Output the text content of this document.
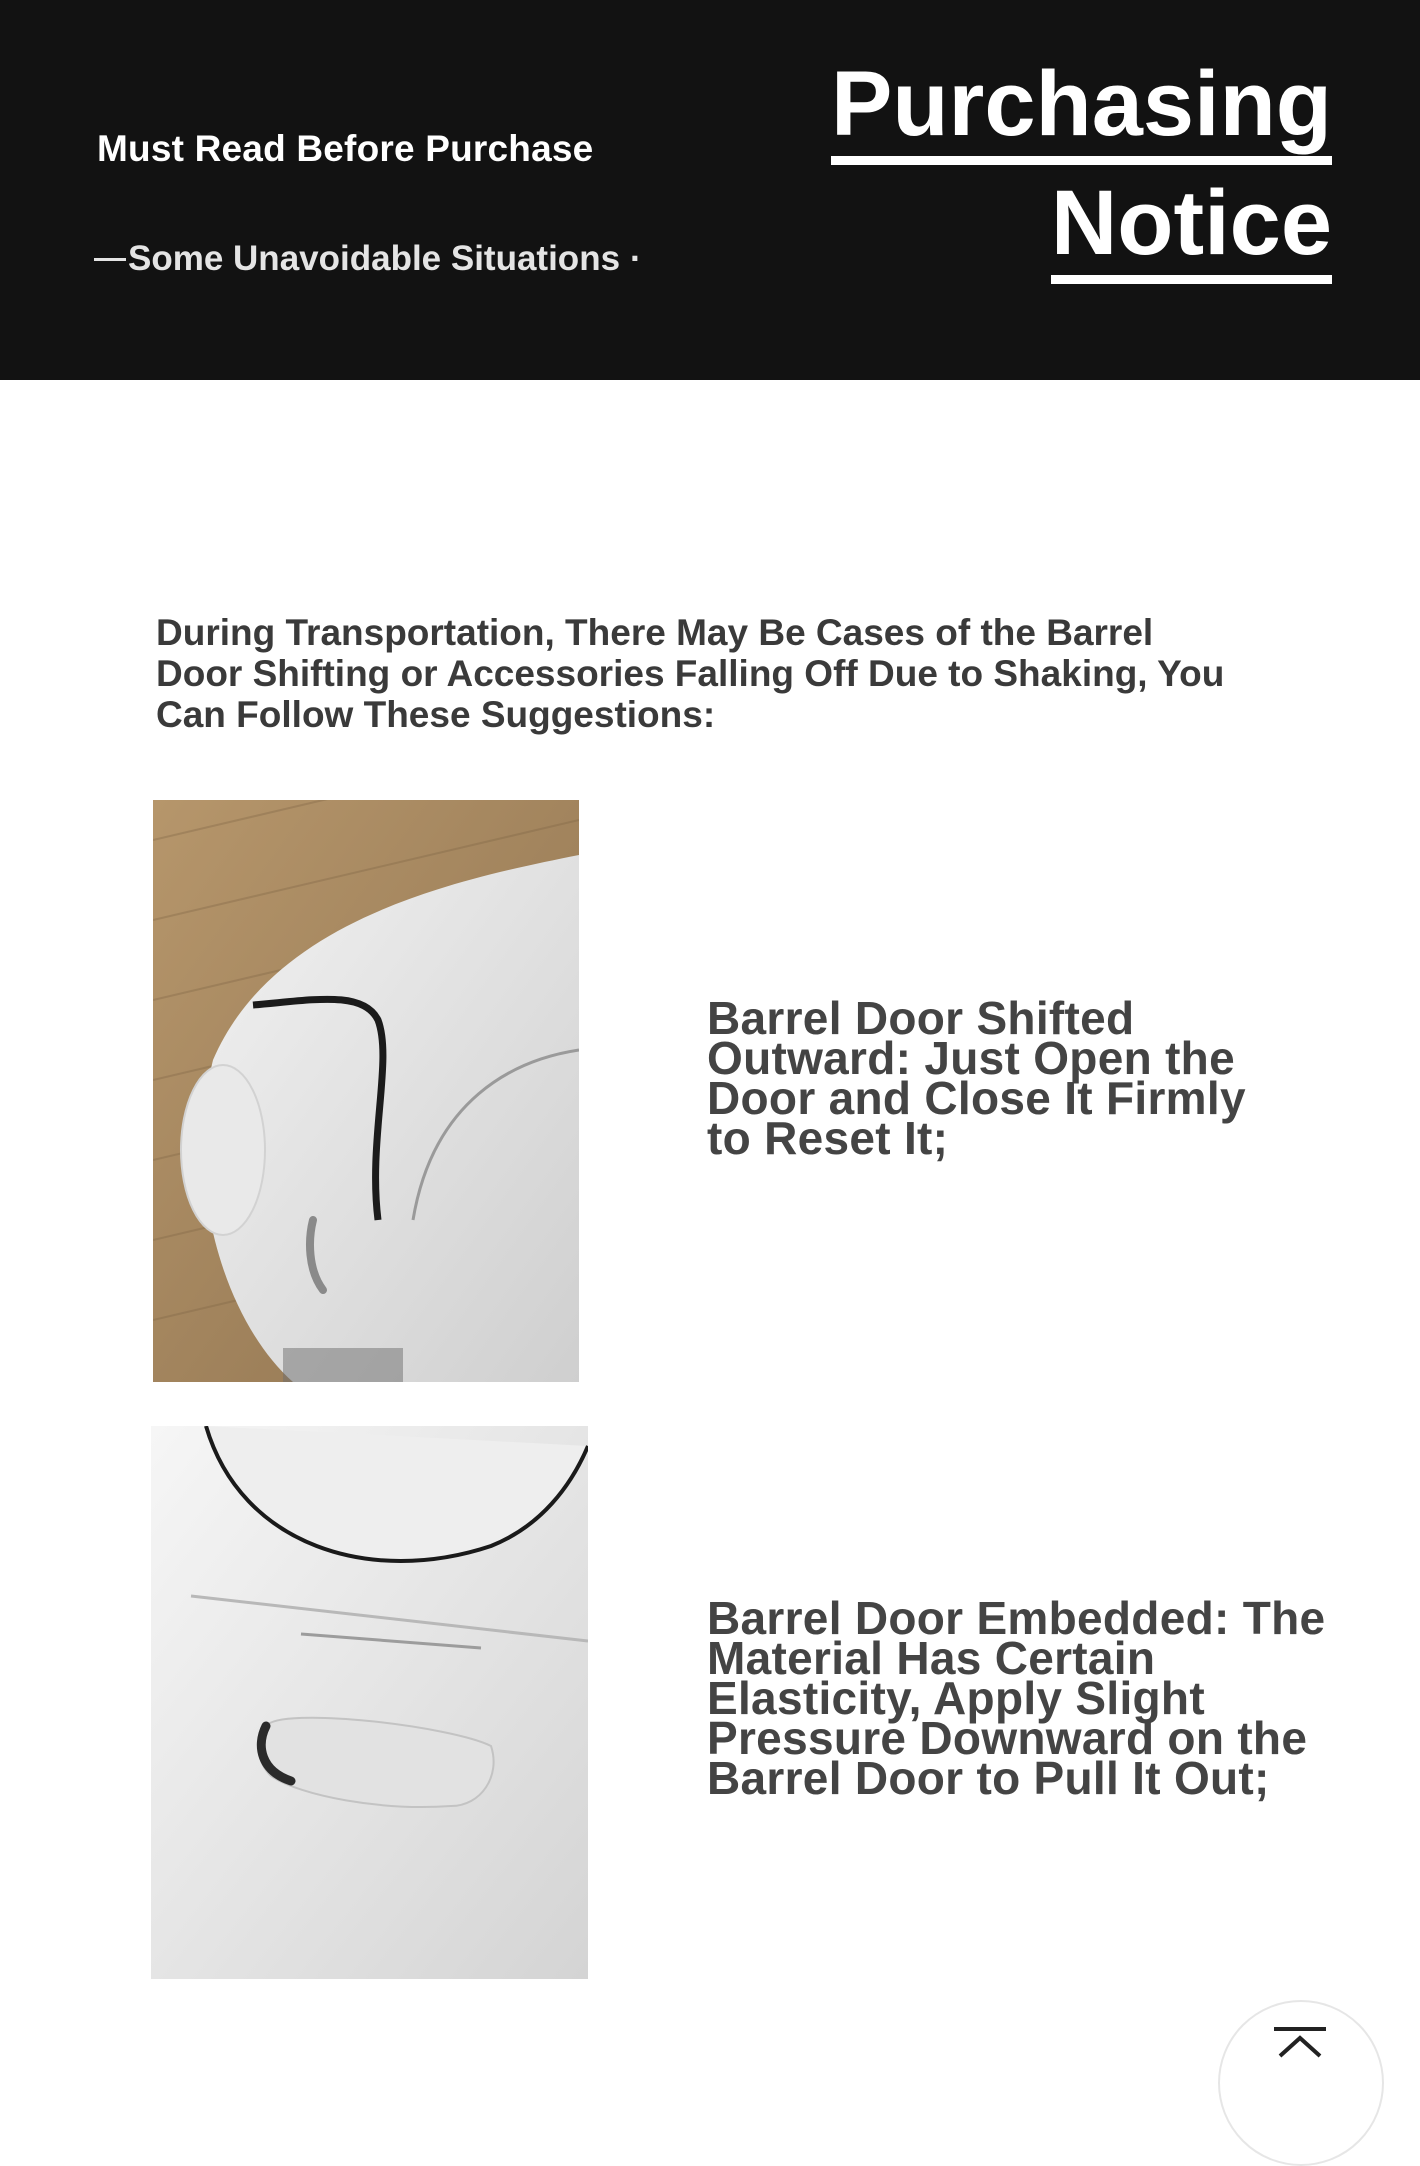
Must Read Before Purchase
Some Unavoidable Situations ·
Purchasing
Notice
During Transportation, There May Be Cases of the Barrel Door Shifting or Accessories Falling Off Due to Shaking, You Can Follow These Suggestions:
Barrel Door Shifted Outward: Just Open the Door and Close It Firmly to Reset It;
Barrel Door Embedded: The Material Has Certain Elasticity, Apply Slight Pressure Downward on the Barrel Door to Pull It Out;
